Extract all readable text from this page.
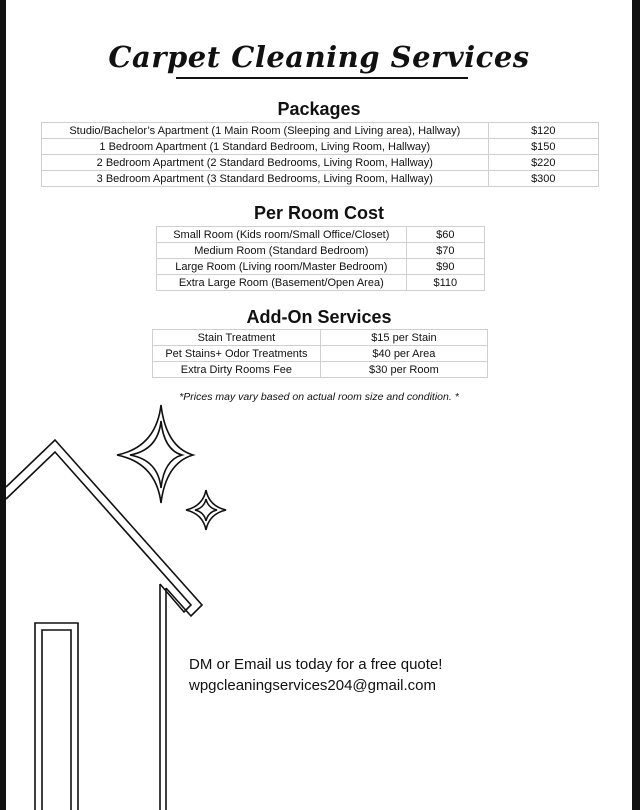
Carpet Cleaning Services
Packages
Studio/Bachelor’s Apartment (1 Main Room (Sleeping and Living area), Hallway)	$120
1 Bedroom Apartment (1 Standard Bedroom, Living Room, Hallway)	$150
2 Bedroom Apartment (2 Standard Bedrooms, Living Room, Hallway)	$220
3 Bedroom Apartment (3 Standard Bedrooms, Living Room, Hallway)	$300
Per Room Cost
Small Room (Kids room/Small Office/Closet)	$60
Medium Room (Standard Bedroom)	$70
Large Room (Living room/Master Bedroom)	$90
Extra Large Room (Basement/Open Area)	$110
Add-On Services
Stain Treatment	$15 per Stain
Pet Stains+ Odor Treatments	$40 per Area
Extra Dirty Rooms Fee	$30 per Room
*Prices may vary based on actual room size and condition. *
DM or Email us today for a free quote!
wpgcleaningservices204@gmail.com
